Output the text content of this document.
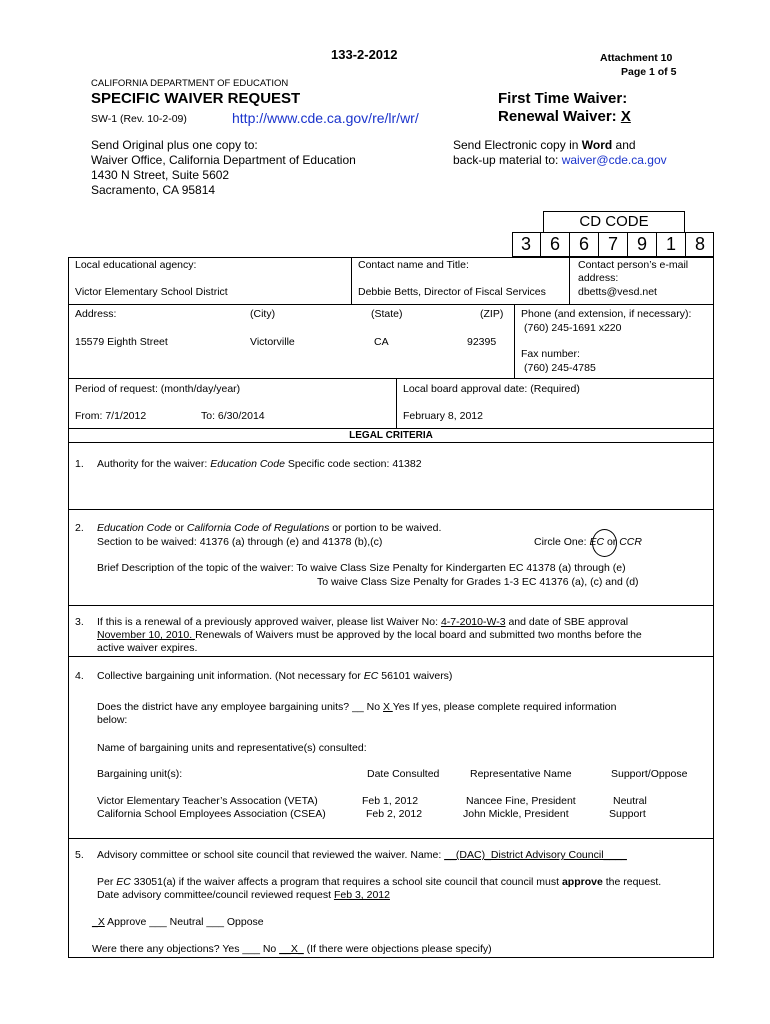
133-2-2012	Attachment 10
Page 1 of 5
CALIFORNIA DEPARTMENT OF EDUCATION
SPECIFIC WAIVER REQUEST
SW-1 (Rev. 10-2-09)	http://www.cde.ca.gov/re/lr/wr/
First Time Waiver:
Renewal Waiver: X
Send Original plus one copy to:
Waiver Office, California Department of Education
1430 N Street, Suite 5602
Sacramento, CA 95814
Send Electronic copy in Word and
back-up material to: waiver@cde.ca.gov
CD CODE
3	6	6	7	9	1	8
Local educational agency:
Victor Elementary School District
Contact name and Title:
Debbie Betts, Director of Fiscal Services
Contact person’s e-mail
address:
dbetts@vesd.net
Address:	(City)	(State)	(ZIP)
15579 Eighth Street	Victorville	CA	92395
Phone (and extension, if necessary):
(760) 245-1691 x220
Fax number:
(760) 245-4785
Period of request: (month/day/year)
From: 7/1/2012	To: 6/30/2014
Local board approval date: (Required)
February 8, 2012
LEGAL CRITERIA
1. Authority for the waiver: Education Code Specific code section: 41382
2. Education Code or California Code of Regulations or portion to be waived.
Section to be waived: 41376 (a) through (e) and 41378 (b),(c)	Circle One: EC or CCR
Brief Description of the topic of the waiver: To waive Class Size Penalty for Kindergarten EC 41378 (a) through (e)
To waive Class Size Penalty for Grades 1-3 EC 41376 (a), (c) and (d)
3. If this is a renewal of a previously approved waiver, please list Waiver No: 4-7-2010-W-3 and date of SBE approval
November 10, 2010. Renewals of Waivers must be approved by the local board and submitted two months before the
active waiver expires.
4. Collective bargaining unit information. (Not necessary for EC 56101 waivers)
Does the district have any employee bargaining units? __ No X Yes If yes, please complete required information
below:
Name of bargaining units and representative(s) consulted:
Bargaining unit(s):	Date Consulted	Representative Name	Support/Oppose
Victor Elementary Teacher’s Assocation (VETA)	Feb 1, 2012	Nancee Fine, President	Neutral
California School Employees Association (CSEA)	Feb 2, 2012	John Mickle, President	Support
5. Advisory committee or school site council that reviewed the waiver. Name: __(DAC)_District Advisory Council____
Per EC 33051(a) if the waiver affects a program that requires a school site council that council must approve the request.
Date advisory committee/council reviewed request Feb 3, 2012
_X Approve ___ Neutral ___ Oppose
Were there any objections? Yes ___ No __X_ (If there were objections please specify)
